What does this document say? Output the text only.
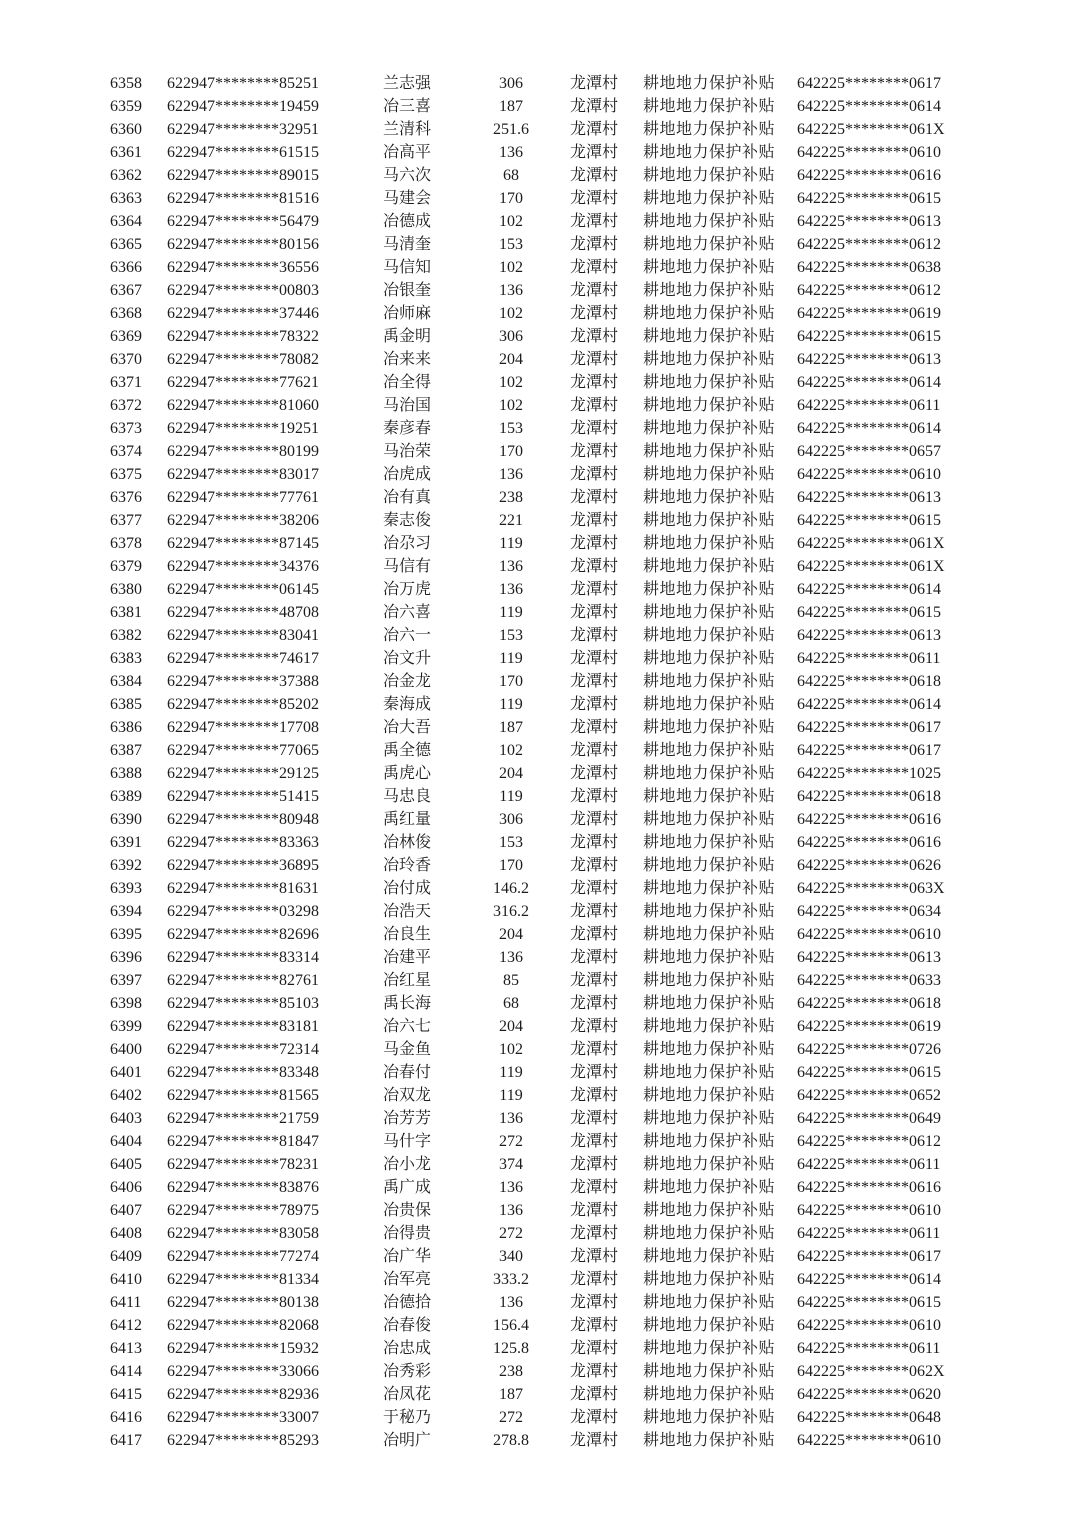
6358	622947********85251	兰志强	306	龙潭村	耕地地力保护补贴	642225********0617
6359	622947********19459	冶三喜	187	龙潭村	耕地地力保护补贴	642225********0614
6360	622947********32951	兰清科	251.6	龙潭村	耕地地力保护补贴	642225********061X
6361	622947********61515	冶高平	136	龙潭村	耕地地力保护补贴	642225********0610
6362	622947********89015	马六次	68	龙潭村	耕地地力保护补贴	642225********0616
6363	622947********81516	马建会	170	龙潭村	耕地地力保护补贴	642225********0615
6364	622947********56479	冶德成	102	龙潭村	耕地地力保护补贴	642225********0613
6365	622947********80156	马清奎	153	龙潭村	耕地地力保护补贴	642225********0612
6366	622947********36556	马信知	102	龙潭村	耕地地力保护补贴	642225********0638
6367	622947********00803	冶银奎	136	龙潭村	耕地地力保护补贴	642225********0612
6368	622947********37446	冶师麻	102	龙潭村	耕地地力保护补贴	642225********0619
6369	622947********78322	禹金明	306	龙潭村	耕地地力保护补贴	642225********0615
6370	622947********78082	冶来来	204	龙潭村	耕地地力保护补贴	642225********0613
6371	622947********77621	冶全得	102	龙潭村	耕地地力保护补贴	642225********0614
6372	622947********81060	马治国	102	龙潭村	耕地地力保护补贴	642225********0611
6373	622947********19251	秦彦春	153	龙潭村	耕地地力保护补贴	642225********0614
6374	622947********80199	马治荣	170	龙潭村	耕地地力保护补贴	642225********0657
6375	622947********83017	冶虎成	136	龙潭村	耕地地力保护补贴	642225********0610
6376	622947********77761	冶有真	238	龙潭村	耕地地力保护补贴	642225********0613
6377	622947********38206	秦志俊	221	龙潭村	耕地地力保护补贴	642225********0615
6378	622947********87145	冶尕习	119	龙潭村	耕地地力保护补贴	642225********061X
6379	622947********34376	马信有	136	龙潭村	耕地地力保护补贴	642225********061X
6380	622947********06145	冶万虎	136	龙潭村	耕地地力保护补贴	642225********0614
6381	622947********48708	冶六喜	119	龙潭村	耕地地力保护补贴	642225********0615
6382	622947********83041	冶六一	153	龙潭村	耕地地力保护补贴	642225********0613
6383	622947********74617	冶文升	119	龙潭村	耕地地力保护补贴	642225********0611
6384	622947********37388	冶金龙	170	龙潭村	耕地地力保护补贴	642225********0618
6385	622947********85202	秦海成	119	龙潭村	耕地地力保护补贴	642225********0614
6386	622947********17708	冶大吾	187	龙潭村	耕地地力保护补贴	642225********0617
6387	622947********77065	禹全德	102	龙潭村	耕地地力保护补贴	642225********0617
6388	622947********29125	禹虎心	204	龙潭村	耕地地力保护补贴	642225********1025
6389	622947********51415	马忠良	119	龙潭村	耕地地力保护补贴	642225********0618
6390	622947********80948	禹红量	306	龙潭村	耕地地力保护补贴	642225********0616
6391	622947********83363	冶林俊	153	龙潭村	耕地地力保护补贴	642225********0616
6392	622947********36895	冶玲香	170	龙潭村	耕地地力保护补贴	642225********0626
6393	622947********81631	冶付成	146.2	龙潭村	耕地地力保护补贴	642225********063X
6394	622947********03298	冶浩天	316.2	龙潭村	耕地地力保护补贴	642225********0634
6395	622947********82696	冶良生	204	龙潭村	耕地地力保护补贴	642225********0610
6396	622947********83314	冶建平	136	龙潭村	耕地地力保护补贴	642225********0613
6397	622947********82761	冶红星	85	龙潭村	耕地地力保护补贴	642225********0633
6398	622947********85103	禹长海	68	龙潭村	耕地地力保护补贴	642225********0618
6399	622947********83181	冶六七	204	龙潭村	耕地地力保护补贴	642225********0619
6400	622947********72314	马金鱼	102	龙潭村	耕地地力保护补贴	642225********0726
6401	622947********83348	冶春付	119	龙潭村	耕地地力保护补贴	642225********0615
6402	622947********81565	冶双龙	119	龙潭村	耕地地力保护补贴	642225********0652
6403	622947********21759	冶芳芳	136	龙潭村	耕地地力保护补贴	642225********0649
6404	622947********81847	马什字	272	龙潭村	耕地地力保护补贴	642225********0612
6405	622947********78231	冶小龙	374	龙潭村	耕地地力保护补贴	642225********0611
6406	622947********83876	禹广成	136	龙潭村	耕地地力保护补贴	642225********0616
6407	622947********78975	冶贵保	136	龙潭村	耕地地力保护补贴	642225********0610
6408	622947********83058	冶得贵	272	龙潭村	耕地地力保护补贴	642225********0611
6409	622947********77274	冶广华	340	龙潭村	耕地地力保护补贴	642225********0617
6410	622947********81334	冶军亮	333.2	龙潭村	耕地地力保护补贴	642225********0614
6411	622947********80138	冶德拾	136	龙潭村	耕地地力保护补贴	642225********0615
6412	622947********82068	冶春俊	156.4	龙潭村	耕地地力保护补贴	642225********0610
6413	622947********15932	冶忠成	125.8	龙潭村	耕地地力保护补贴	642225********0611
6414	622947********33066	冶秀彩	238	龙潭村	耕地地力保护补贴	642225********062X
6415	622947********82936	冶凤花	187	龙潭村	耕地地力保护补贴	642225********0620
6416	622947********33007	于秘乃	272	龙潭村	耕地地力保护补贴	642225********0648
6417	622947********85293	冶明广	278.8	龙潭村	耕地地力保护补贴	642225********0610
